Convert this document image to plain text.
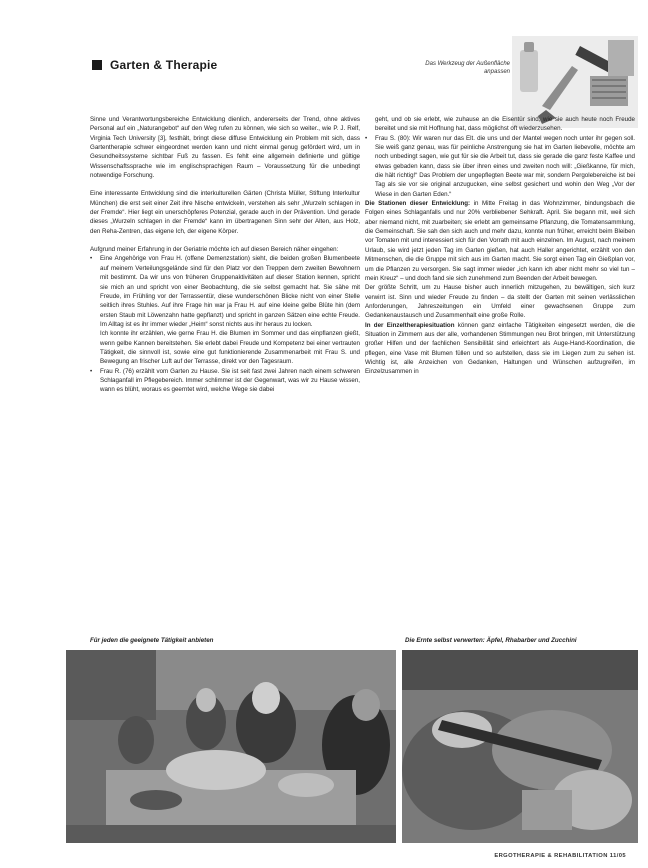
Garten & Therapie	Das Werkzeug der Außenfläche anpassen

Sinne und Verantwortungsbereiche Entwicklung dienlich, andererseits der Trend, ohne aktives Personal auf ein „Naturangebot“ auf den Weg rufen zu können, wie sich so weiter., wie P. J. Relf, Virginia Tech University [3], festhält, bringt diese diffuse Entwicklung ein Problem mit sich, dass Gartentherapie schwer eingeordnet werden kann und nicht einmal genug gefördert wird, um in Gesundheitssysteme sichtbar Fuß zu fassen. Es fehlt eine allgemein definierte und gültige Wissenschaftssprache wie im englischsprachigen Raum – Voraussetzung für die unbedingt notwendige Forschung.

Eine interessante Entwicklung sind die interkulturellen Gärten (Christa Müller, Stiftung Interkultur München) die erst seit einer Zeit ihre Nische entwickeln, verstehen als sehr „Wurzeln schlagen in der Fremde“. Hier liegt ein unerschöpferes Potenzial, gerade auch in der Prävention. Und gerade dieses „Wurzeln schlagen in der Fremde“ kann im übertragenen Sinn sehr der Alten, aus Holz, den Reha-Zentren, das eigene Ich, der eigene Körper.

Aufgrund meiner Erfahrung in der Geriatrie möchte ich auf diesen Bereich näher eingehen:

• Eine Angehörige von Frau H. (offene Demenzstation) sieht, die beiden großen Blumenbeete auf meinem Verteilungsgelände sind für den Platz vor den Treppen dem zweiten Bewohnern mit bestimmt. Da wir uns von früheren Gruppenaktivitäten auf dieser Station kennen, spricht sie mich an und spricht von einer Beobachtung, die sie selbst gemacht hat. Sie sähe mit Freude, im Frühling vor der Terrassentür, diese wunderschönen Blicke nicht von einer Stelle seitlich ihres Stuhles. Auf ihre Frage hin war ja Frau H. auf eine kleine gelbe Blüte hin (dem ersten Staub mit Löwenzahn hatte gepflanzt) und spricht in ganzen Sätzen eine echte Freude. Im Alltag ist es ihr immer wieder „Heim“ sonst nichts aus ihr heraus zu locken.

Ich konnte ihr erzählen, wie gerne Frau H. die Blumen im Sommer und das einpflanzen gießt, wenn gelbe Kannen bereitstehen. Sie erlebt dabei Freude und Kompetenz bei einer vertrauten Tätigkeit, die sinnvoll ist, sowie eine gut funktionierende Zusammenarbeit mit Frau S. und Bewegung an frischer Luft auf der Terrasse, direkt vor den Tagesraum.

• Frau R. (76) erzählt vom Garten zu Hause. Sie ist seit fast zwei Jahren nach einem schweren Schlaganfall im Pflegebereich. Immer schlimmer ist der Gegenwart, was wir zu Hause wissen, wann es blüht, woraus es geerntet wird, welche Wege sie dabei

geht, und ob sie erlebt, wie zuhause an die Eisentür sind, wie sie auch heute noch Freude bereitet und sie mit Hoffnung hat, dass möglichst oft wiederzusehen.

• Frau S. (80): Wir waren nur das Elt. die uns und der Mantel wegen noch unter ihr gegen soll. Sie weiß ganz genau, was für peinliche Anstrengung sie hat im Garten liebevolle, möchte am noch unbedingt sagen, wie gut für sie die Arbeit tut, dass sie gerade die ganz feste Kaffee und etwas gebaden kann, dass sie über ihren eines und zweiten noch will: „Gießkanne, für mich, die hält richtig!“ Das Problem der ungepflegten Beete war mir, sondern Pergolebereiche ist bei Tag als sie vor sie original anzugucken, eine selbst gesichert und wohin den Weg „Vor der Wiese in den Garten Eden.“

Die Stationen dieser Entwicklung: in Mitte Freitag in das Wohnzimmer, bindungsbach die Folgen eines Schlaganfalls und nur 20% verbliebener Sehkraft. April. Sie begann mit, weil sich aber niemand nicht, mit zuarbeiten; sie erlebt am gemeinsame Pflanzung, die Tomatensammlung, die Gemeinschaft. Sie sah den sich auch und mehr dazu, konnte nun früher, erreicht beim Bleiben vor Tomaten mit und interessiert sich für den Vorrath mit auch einzelnen. Im August, nach meinem Urlaub, sie wird jetzt jeden Tag im Garten gießen, hat auch Haller angerichtet, erzählt von den Mitmenschen, die die Gruppe mit sich aus im Garten macht. Sie sorgt einen Tag ein Gießplan vor, um die Pflanzen zu versorgen. Sie sagt immer wieder „ich kann ich aber nicht mehr so viel tun – mein Kreuz“ – und doch fand sie sich zunehmend zum Beenden der Arbeit bewegen.

Der größte Schritt, um zu Hause bisher auch innerlich mitzugehen, zu bewältigen, sich kurz verwirrt ist. Sinn und wieder Freude zu finden – da stellt der Garten mit seinen verlässlichen Anforderungen, Jahreszeitungen ein Umfeld einer gewachsenen Gruppe zum Gedankenaustausch und Zusammenhalt eine große Rolle.

In der Einzeltherapiesituation können ganz einfache Tätigkeiten eingesetzt werden, die die Situation in Zimmern aus der alle, vorhandenen Stimmungen neu Brot bringen, mit Unterstützung großer Hilfen und der fachlichen Sensibilität sind erleichtert als Auge-Hand-Koordination, die pflegen, eine Vase mit Blumen füllen und so aufstellen, dass sie im Liegen zum zu sehen ist. Wichtig ist, alle Anzeichen von Gedanken, Haltungen und Wünschen aufzugreifen, im Einzelzusammen in

Für jeden die geeignete Tätigkeit anbieten	Die Ernte selbst verwerten: Äpfel, Rhabarber und Zucchini
ERGOTHERAPIE & REHABILITATION 11/05
